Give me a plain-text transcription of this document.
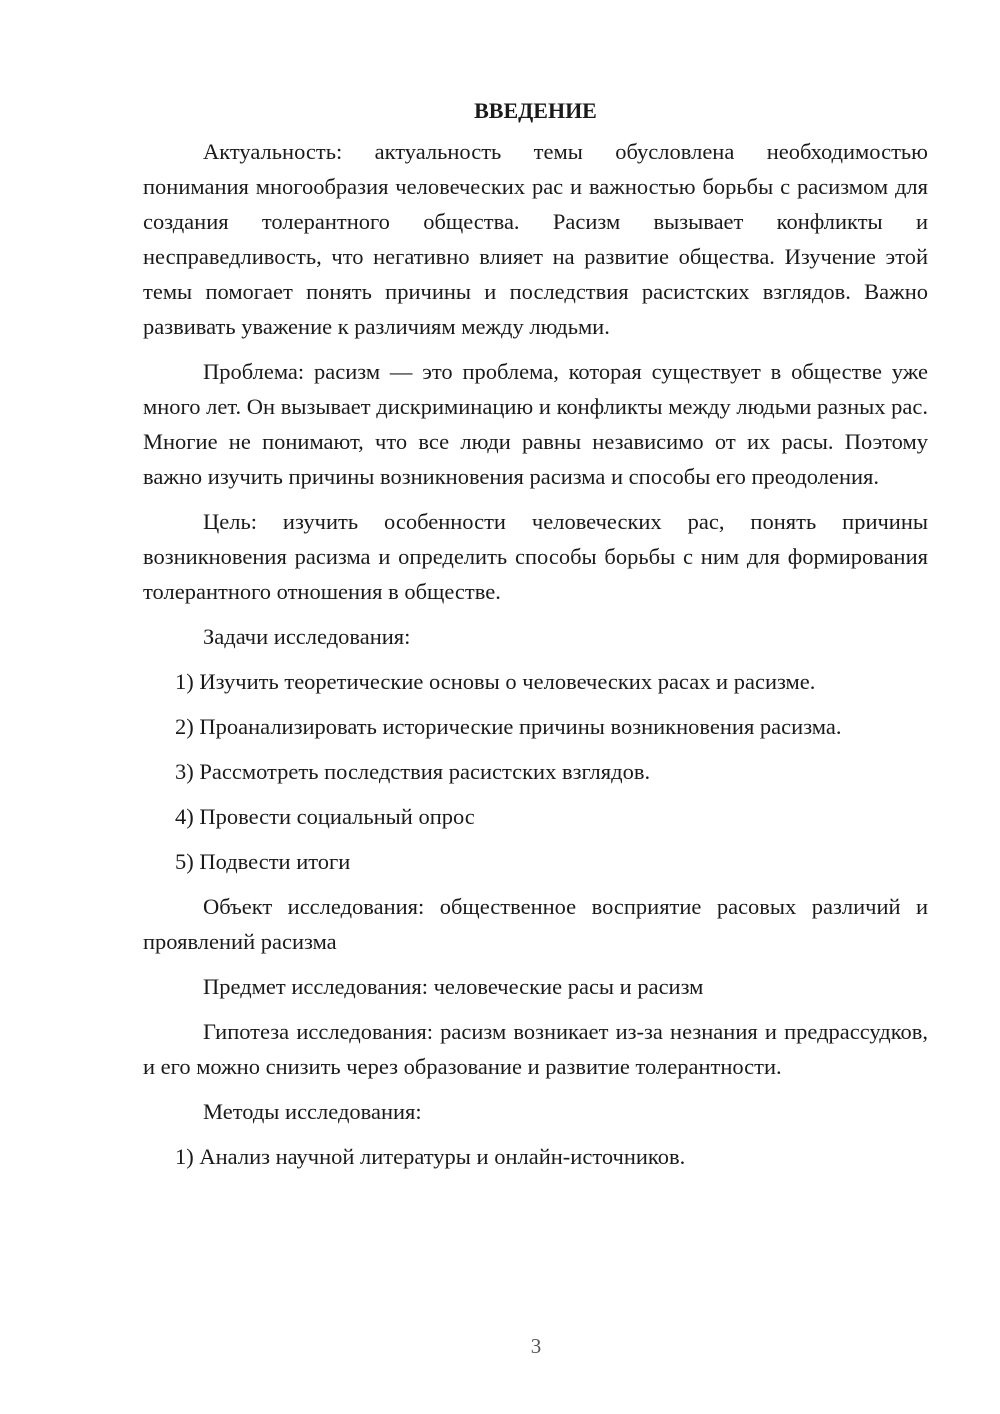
ВВЕДЕНИЕ

Актуальность: актуальность темы обусловлена необходимостью понимания многообразия человеческих рас и важностью борьбы с расизмом для создания толерантного общества. Расизм вызывает конфликты и несправедливость, что негативно влияет на развитие общества. Изучение этой темы помогает понять причины и последствия расистских взглядов. Важно развивать уважение к различиям между людьми.

Проблема: расизм — это проблема, которая существует в обществе уже много лет. Он вызывает дискриминацию и конфликты между людьми разных рас. Многие не понимают, что все люди равны независимо от их расы. Поэтому важно изучить причины возникновения расизма и способы его преодоления.

Цель: изучить особенности человеческих рас, понять причины возникновения расизма и определить способы борьбы с ним для формирования толерантного отношения в обществе.

Задачи исследования:

1) Изучить теоретические основы о человеческих расах и расизме.

2) Проанализировать исторические причины возникновения расизма.

3) Рассмотреть последствия расистских взглядов.

4) Провести социальный опрос

5) Подвести итоги

Объект исследования: общественное восприятие расовых различий и проявлений расизма

Предмет исследования: человеческие расы и расизм

Гипотеза исследования: расизм возникает из-за незнания и предрассудков, и его можно снизить через образование и развитие толерантности.

Методы исследования:

1) Анализ научной литературы и онлайн-источников.

3
